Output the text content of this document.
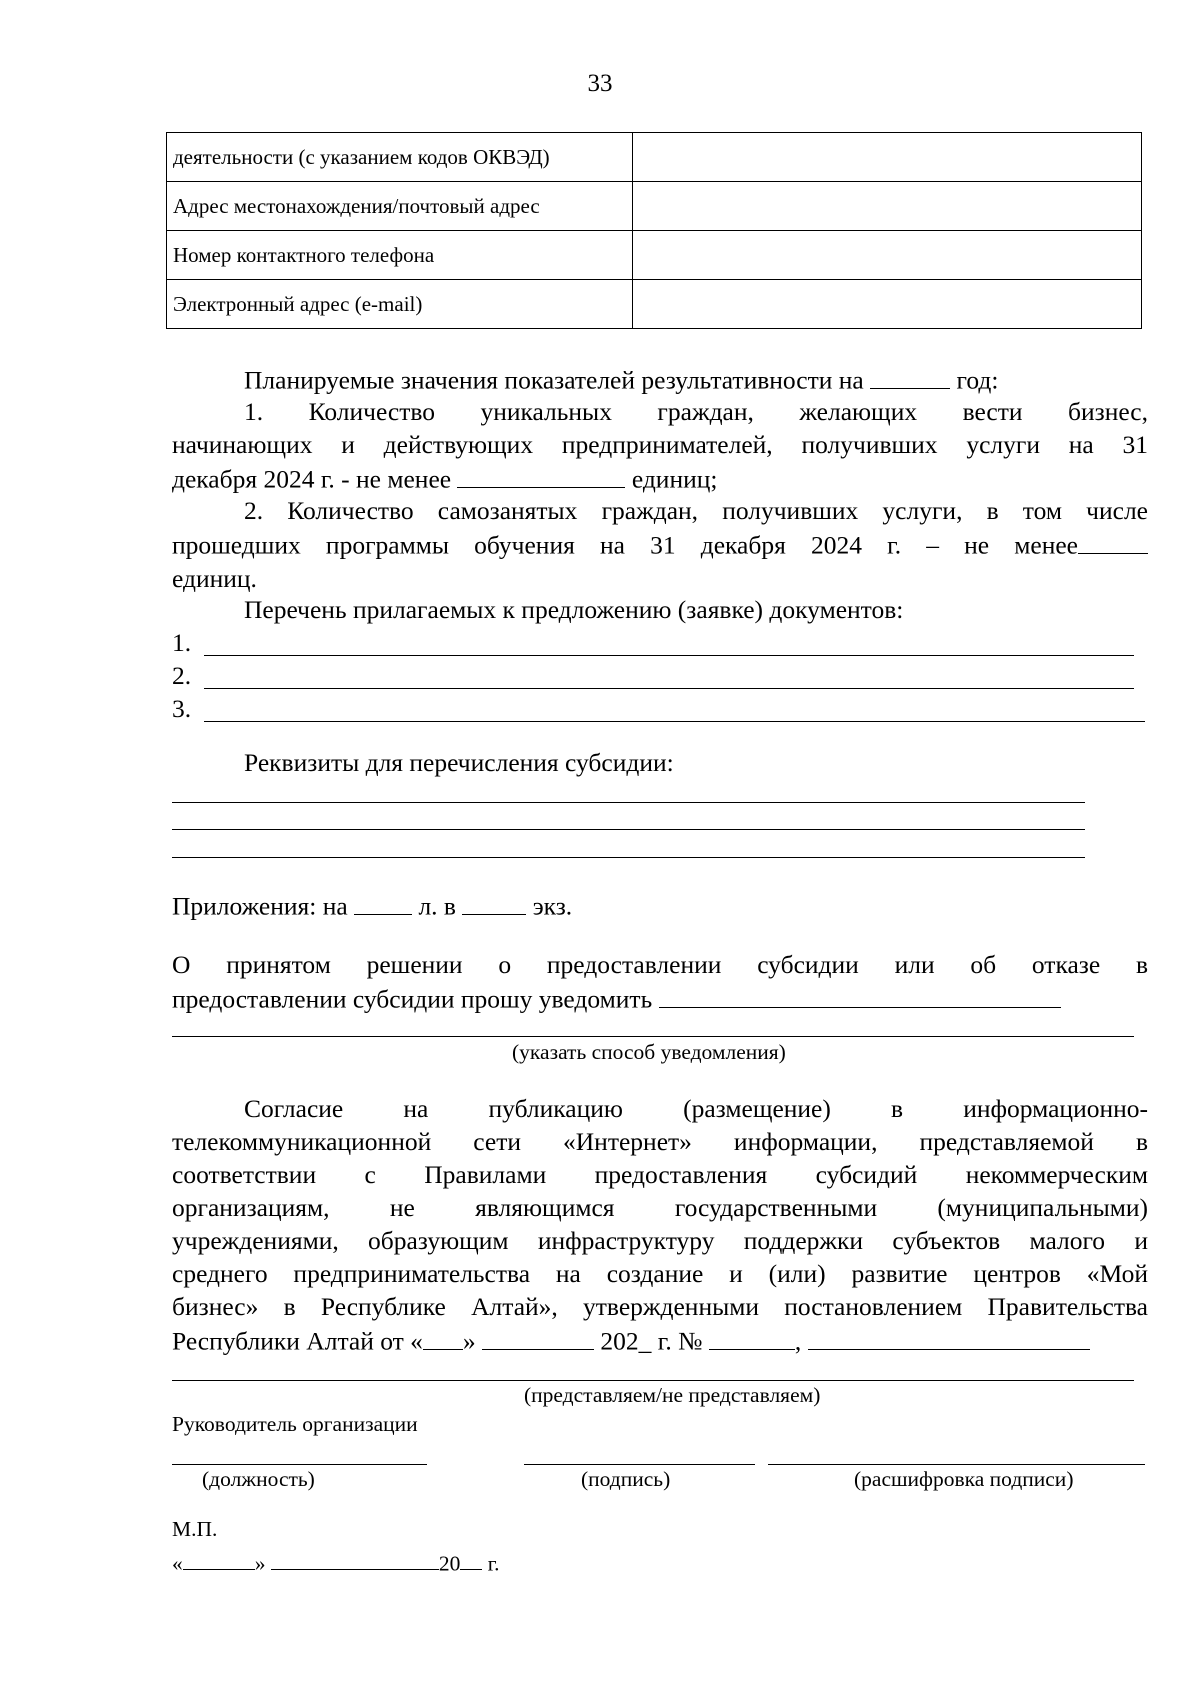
33
деятельности (с указанием кодов ОКВЭД)	
Адрес местонахождения/почтовый адрес	
Номер контактного телефона	
Электронный адрес (e-mail)	
Планируемые значения показателей результативности на	год:

1. Количество уникальных граждан, желающих вести бизнес,

начинающих и действующих предпринимателей, получивших услуги на 31

декабря 2024 г. - не менее	единиц;

2. Количество самозанятых граждан, получивших услуги, в том числе

прошедших программы обучения на 31 декабря 2024 г. – не менее

единиц.

Перечень прилагаемых к предложению (заявке) документов:
1.
2.
3.
Реквизиты для перечисления субсидии:
Приложения: на	л. в	экз.

О принятом решении о предоставлении субсидии или об отказе в

предоставлении субсидии прошу уведомить

(указать способ уведомления)

Согласие на публикацию (размещение) в информационно-

телекоммуникационной сети «Интернет» информации, представляемой в

соответствии с Правилами предоставления субсидий некоммерческим

организациям, не являющимся государственными (муниципальными)

учреждениями, образующим инфраструктуру поддержки субъектов малого и

среднего предпринимательства на создание и (или) развитие центров «Мой

бизнес» в Республике Алтай», утвержденными постановлением Правительства

Республики Алтай от « »	202_ г. №	,
(представляем/не представляем)
Руководитель организации
(должность)	(подпись)	(расшифровка подписи)
М.П.
«	»	20 г.
